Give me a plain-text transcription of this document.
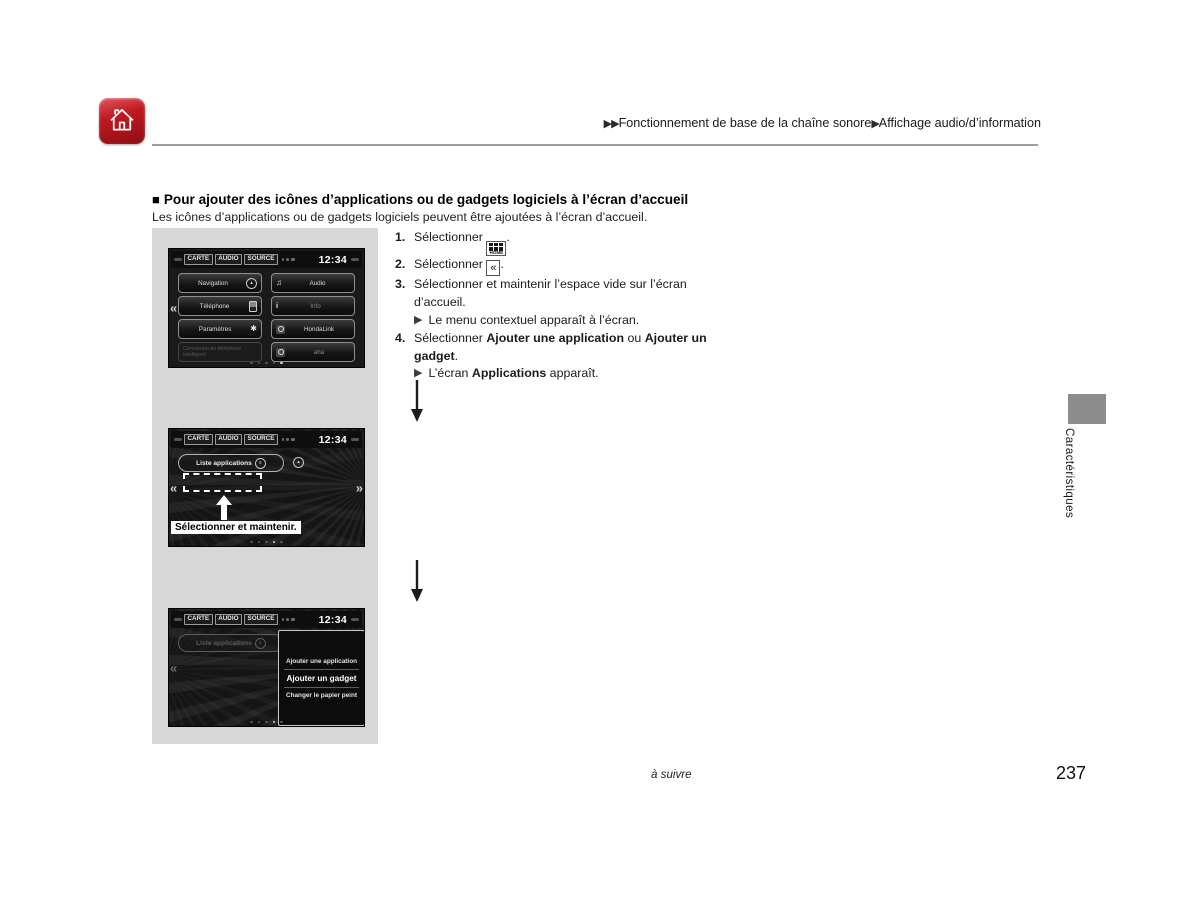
▶▶Fonctionnement de base de la chaîne sonore▶Affichage audio/d’information
■ Pour ajouter des icônes d’applications ou de gadgets logiciels à l’écran d’accueil
Les icônes d’applications ou de gadgets logiciels peuvent être ajoutées à l’écran d’accueil.
CARTE	AUDIO	SOURCE	12:34
Navigation	▴	♫	Audio
Téléphone	i	Info
Paramètres	✱	HondaLink
Connexion du téléphone intelligent	aha
«
CARTE	AUDIO	SOURCE	12:34
Liste applications	≡	▴
Sélectionner et maintenir.
«	»
CARTE	AUDIO	SOURCE	12:34
Liste applications	≡
Ajouter une application
Ajouter un gadget
Changer le papier peint
«
1. Sélectionner
HOME
.
2. Sélectionner « .
3. Sélectionner et maintenir l’espace vide sur l’écran d’accueil.
▶ Le menu contextuel apparaît à l’écran.
4. Sélectionner Ajouter une application ou Ajouter un gadget.
▶ L’écran Applications apparaît.
Caractéristiques
à suivre	237
